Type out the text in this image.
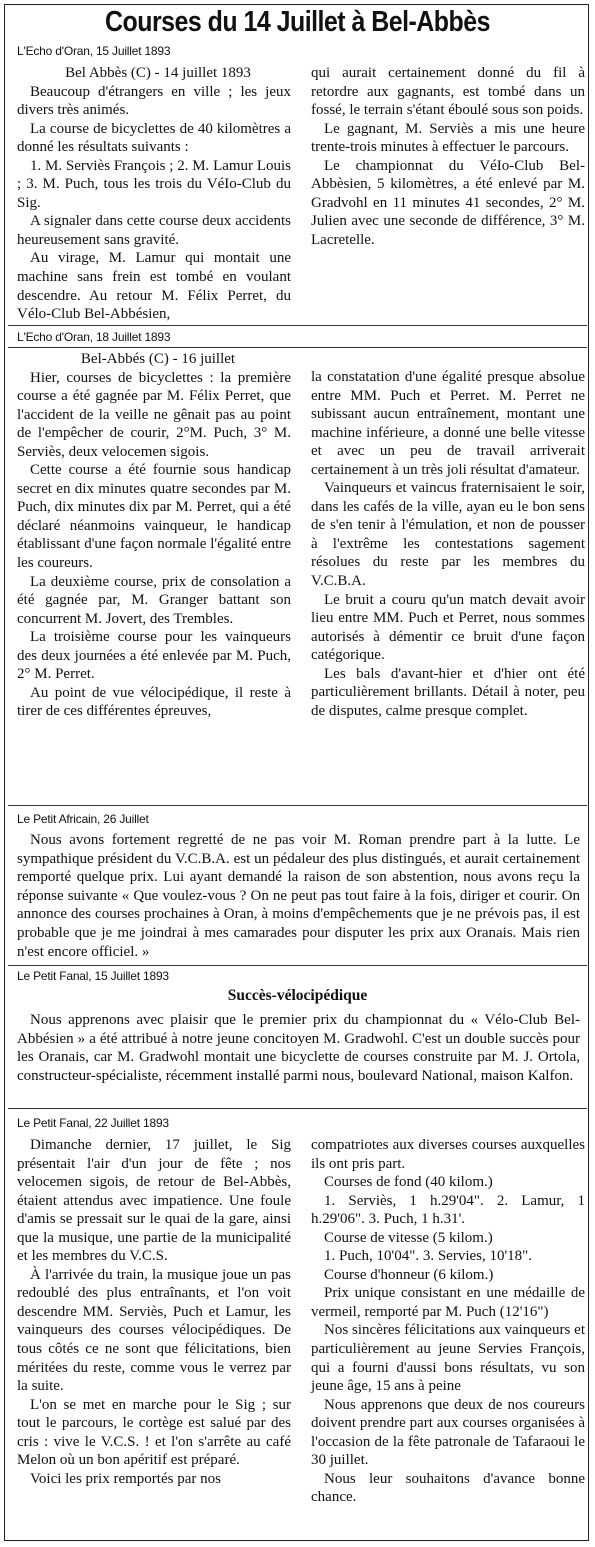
Courses du 14 Juillet à Bel-Abbès
L'Echo d'Oran, 15 Juillet 1893

Bel Abbès (C) - 14 juillet 1893

Beaucoup d'étrangers en ville ; les jeux divers très animés.

La course de bicyclettes de 40 kilomètres a donné les résultats suivants :

1. M. Serviès François ; 2. M. Lamur Louis ; 3. M. Puch, tous les trois du VéIo-Club du Sig.

A signaler dans cette course deux accidents heureusement sans gravité.

Au virage, M. Lamur qui montait une machine sans frein est tombé en voulant descendre. Au retour M. Félix Perret, du Vélo-Club Bel-Abbésien,

qui aurait certainement donné du fil à retordre aux gagnants, est tombé dans un fossé, le terrain s'étant éboulé sous son poids.

Le gagnant, M. Serviès a mis une heure trente-trois minutes à effectuer le parcours.

Le championnat du VéIo-Club Bel-Abbèsien, 5 kilomètres, a été enlevé par M. Gradvohl en 11 minutes 41 secondes, 2° M. Julien avec une seconde de différence, 3° M. Lacretelle.

L'Echo d'Oran, 18 Juillet 1893

Bel-Abbés (C) - 16 juillet

Hier, courses de bicyclettes : la première course a été gagnée par M. Félix Perret, que l'accident de la veille ne gênait pas au point de l'empêcher de courir, 2°M. Puch, 3° M. Serviès, deux velocemen sigois.

Cette course a été fournie sous handicap secret en dix minutes quatre secondes par M. Puch, dix minutes dix par M. Perret, qui a été déclaré néanmoins vainqueur, le handicap établissant d'une façon normale l'égalité entre les coureurs.

La deuxième course, prix de consolation a été gagnée par, M. Granger battant son concurrent M. Jovert, des Trembles.

La troisième course pour les vainqueurs des deux journées a été enlevée par M. Puch, 2° M. Perret.

Au point de vue vélocipédique, il reste à tirer de ces différentes épreuves,

la constatation d'une égalité presque absolue entre MM. Puch et Perret. M. Perret ne subissant aucun entraînement, montant une machine inférieure, a donné une belle vitesse et avec un peu de travail arriverait certainement à un très joli résultat d'amateur.

Vainqueurs et vaincus fraternisaient le soir, dans les cafés de la ville, ayan eu le bon sens de s'en tenir à l'émulation, et non de pousser à l'extrême les contestations sagement résolues du reste par les membres du V.C.B.A.

Le bruit a couru qu'un match devait avoir lieu entre MM. Puch et Perret, nous sommes autorisés à démentir ce bruit d'une façon catégorique.

Les bals d'avant-hier et d'hier ont été particulièrement brillants. Détail à noter, peu de disputes, calme presque complet.

Le Petit Africain, 26 Juillet

Nous avons fortement regretté de ne pas voir M. Roman prendre part à la lutte. Le sympathique président du V.C.B.A. est un pédaleur des plus distingués, et aurait certainement remporté quelque prix. Lui ayant demandé la raison de son abstention, nous avons reçu la réponse suivante « Que voulez-vous ? On ne peut pas tout faire à la fois, diriger et courir. On annonce des courses prochaines à Oran, à moins d'empêchements que je ne prévois pas, il est probable que je me joindrai à mes camarades pour disputer les prix aux Oranais. Mais rien n'est encore officiel. »

Le Petit Fanal, 15 Juillet 1893
Succès-vélocipédique

Nous apprenons avec plaisir que le premier prix du championnat du « Vélo-Club Bel-Abbésien » a été attribué à notre jeune concitoyen M. Gradwohl. C'est un double succès pour les Oranais, car M. Gradwohl montait une bicyclette de courses construite par M. J. Ortola, constructeur-spécialiste, récemment installé parmi nous, boulevard National, maison Kalfon.

Le Petit Fanal, 22 Juillet 1893

Dimanche dernier, 17 juillet, le Sig présentait l'air d'un jour de fête ; nos velocemen sigois, de retour de Bel-Abbès, étaient attendus avec impatience. Une foule d'amis se pressait sur le quai de la gare, ainsi que la musique, une partie de la municipalité et les membres du V.C.S.

À l'arrivée du train, la musique joue un pas redoublé des plus entraînants, et l'on voit descendre MM. Serviès, Puch et Lamur, les vainqueurs des courses vélocipédiques. De tous côtés ce ne sont que félicitations, bien méritées du reste, comme vous le verrez par la suite.

L'on se met en marche pour le Sig ; sur tout le parcours, le cortège est salué par des cris : vive le V.C.S. ! et l'on s'arrête au café Melon où un bon apéritif est préparé.

Voici les prix remportés par nos

compatriotes aux diverses courses auxquelles ils ont pris part.

Courses de fond (40 kilom.)

1. Serviès, 1 h.29'04". 2. Lamur, 1 h.29'06". 3. Puch, 1 h.31'.

Course de vitesse (5 kilom.)

1. Puch, 10'04". 3. Servies, 10'18".

Course d'honneur (6 kilom.)

Prix unique consistant en une médaille de vermeil, remporté par M. Puch (12'16")

Nos sincères félicitations aux vainqueurs et particulièrement au jeune Servies François, qui a fourni d'aussi bons résultats, vu son jeune âge, 15 ans à peine

Nous apprenons que deux de nos coureurs doivent prendre part aux courses organisées à l'occasion de la fête patronale de Tafaraoui le 30 juillet.

Nous leur souhaitons d'avance bonne chance.
